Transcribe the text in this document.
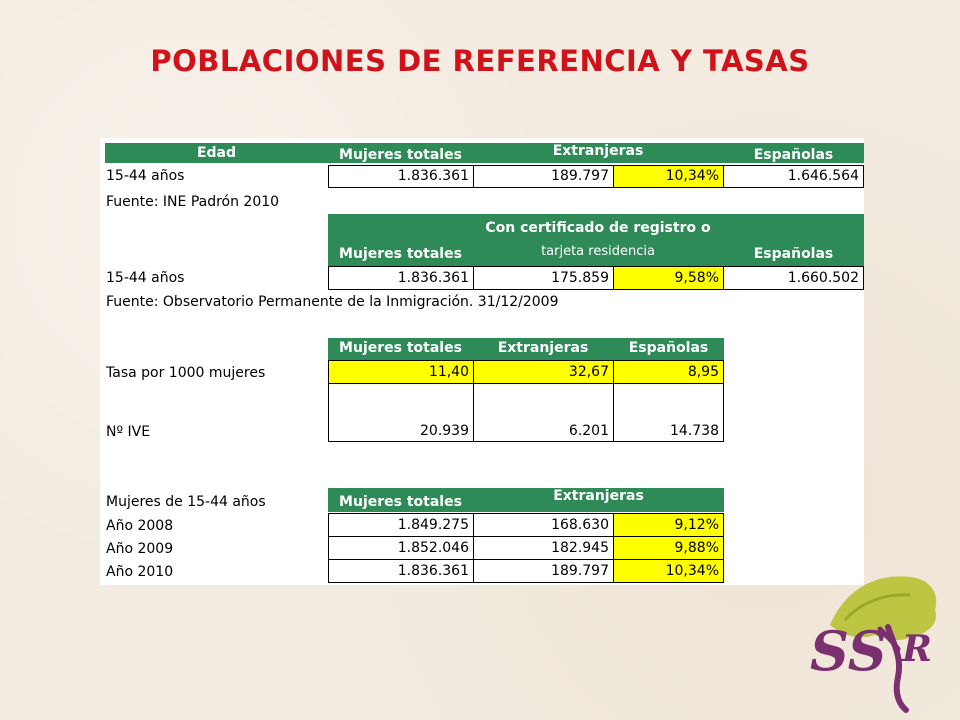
POBLACIONES DE REFERENCIA Y TASAS
Edad	Mujeres totales	Extranjeras	Españolas
15-44 años	1.836.361	189.797	10,34%	1.646.564
Fuente: INE Padrón 2010
Con certificado de registro o
Mujeres totales	tarjeta residencia	Españolas
15-44 años	1.836.361	175.859	9,58%	1.660.502
Fuente: Observatorio Permanente de la Inmigración. 31/12/2009
Mujeres totales	Extranjeras	Españolas
Tasa por 1000 mujeres	11,40	32,67	8,95
Nº IVE	20.939	6.201	14.738
Mujeres de 15-44 años	Mujeres totales	Extranjeras
Año 2008	1.849.275	168.630	9,12%
Año 2009	1.852.046	182.945	9,88%
Año 2010	1.836.361	189.797	10,34%
SS R
